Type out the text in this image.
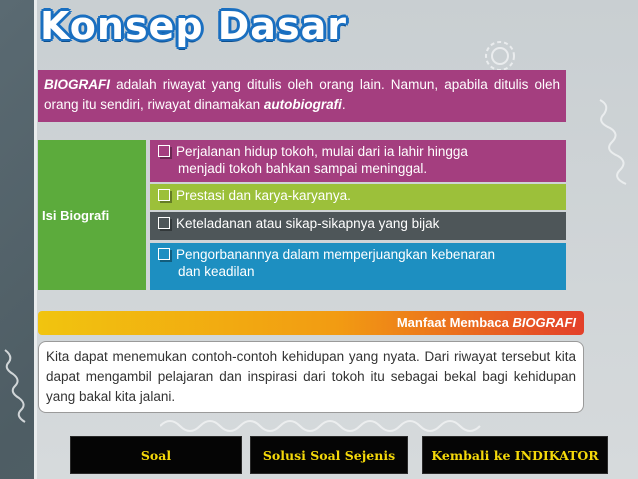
Konsep Dasar
BIOGRAFI adalah riwayat yang ditulis oleh orang lain. Namun, apabila ditulis oleh orang itu sendiri, riwayat dinamakan autobiografi.
Isi Biografi
Perjalanan hidup tokoh, mulai dari ia lahir hingga
menjadi tokoh bahkan sampai meninggal.
Prestasi dan karya-karyanya.
Keteladanan atau sikap-sikapnya yang bijak
Pengorbanannya dalam memperjuangkan kebenaran
dan keadilan
Manfaat Membaca BIOGRAFI
Kita dapat menemukan contoh-contoh kehidupan yang nyata. Dari riwayat tersebut kita dapat mengambil pelajaran dan inspirasi dari tokoh itu sebagai bekal bagi kehidupan yang bakal kita jalani.
Soal	Solusi Soal Sejenis	Kembali ke INDIKATOR
